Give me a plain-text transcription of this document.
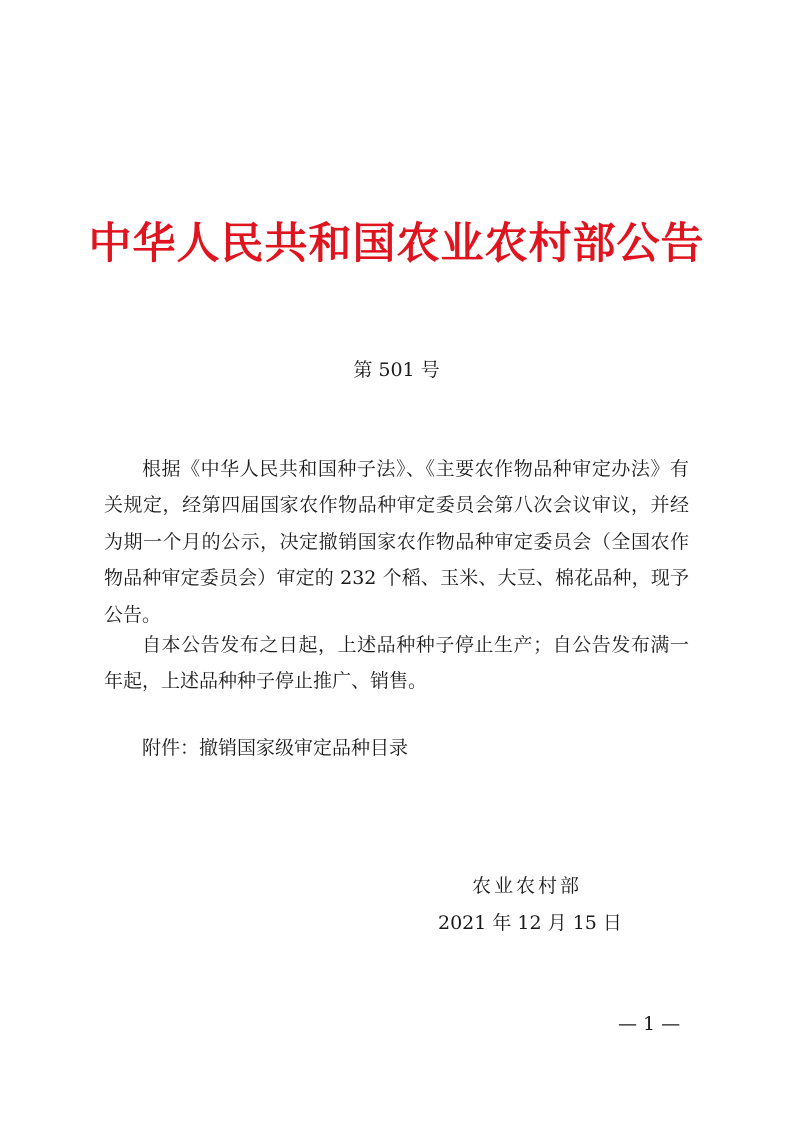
中华人民共和国农业农村部公告
第 501 号

根据《中华人民共和国种子法》、《主要农作物品种审定办法》有关规定，经第四届国家农作物品种审定委员会第八次会议审议，并经为期一个月的公示，决定撤销国家农作物品种审定委员会（全国农作物品种审定委员会）审定的 232 个稻、玉米、大豆、棉花品种，现予公告。

自本公告发布之日起，上述品种种子停止生产；自公告发布满一年起，上述品种种子停止推广、销售。

附件：撤销国家级审定品种目录
农业农村部
2021 年 12 月 15 日
— 1 —
